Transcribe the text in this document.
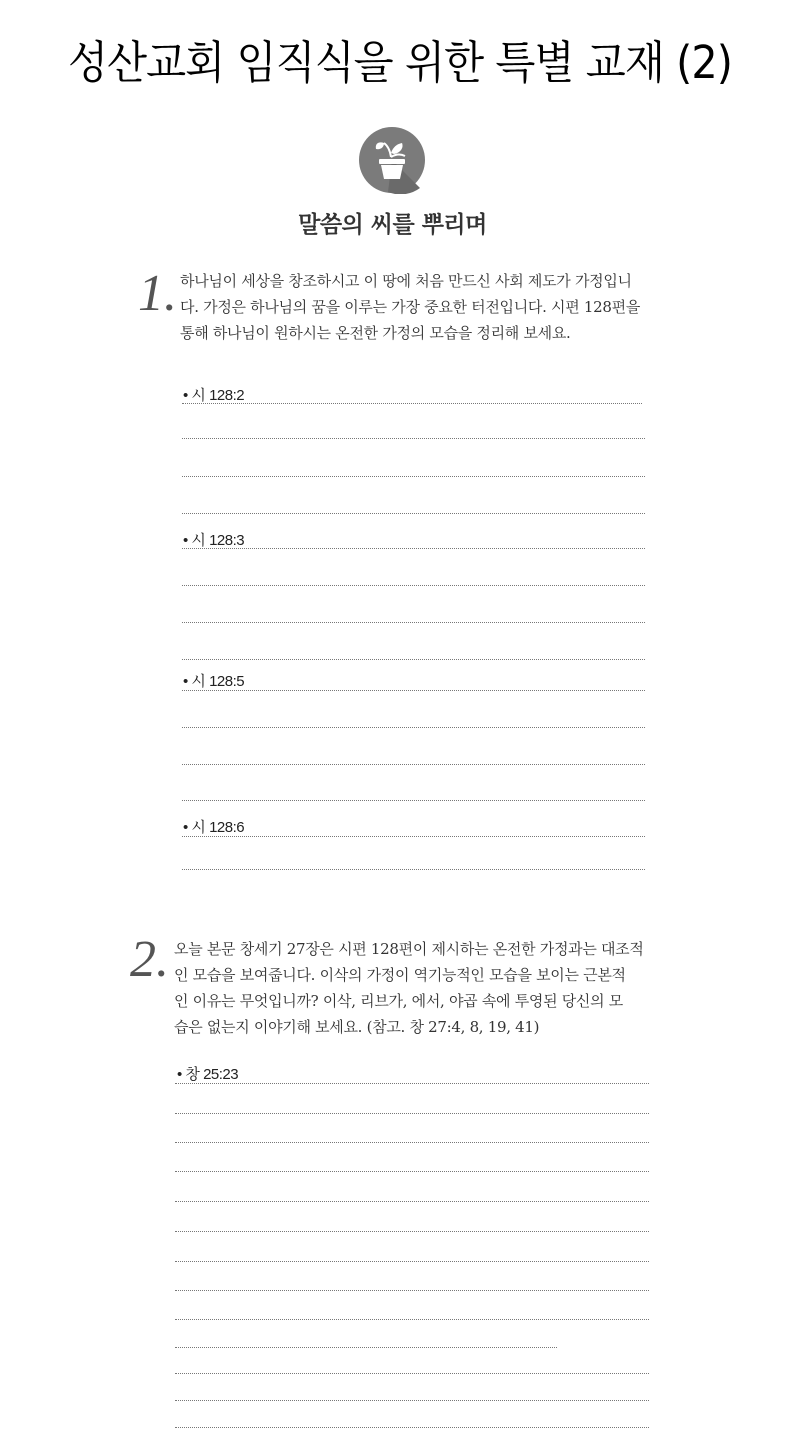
성산교회 임직식을 위한 특별 교재 (2)
말씀의 씨를 뿌리며
1. 하나님이 세상을 창조하시고 이 땅에 처음 만드신 사회 제도가 가정입니
다. 가정은 하나님의 꿈을 이루는 가장 중요한 터전입니다. 시편 128편을
통해 하나님이 원하시는 온전한 가정의 모습을 정리해 보세요.
• 시 128:2
• 시 128:3
• 시 128:5
• 시 128:6
2. 오늘 본문 창세기 27장은 시편 128편이 제시하는 온전한 가정과는 대조적
인 모습을 보여줍니다. 이삭의 가정이 역기능적인 모습을 보이는 근본적
인 이유는 무엇입니까? 이삭, 리브가, 에서, 야곱 속에 투영된 당신의 모
습은 없는지 이야기해 보세요. (참고. 창 27:4, 8, 19, 41)
• 창 25:23
